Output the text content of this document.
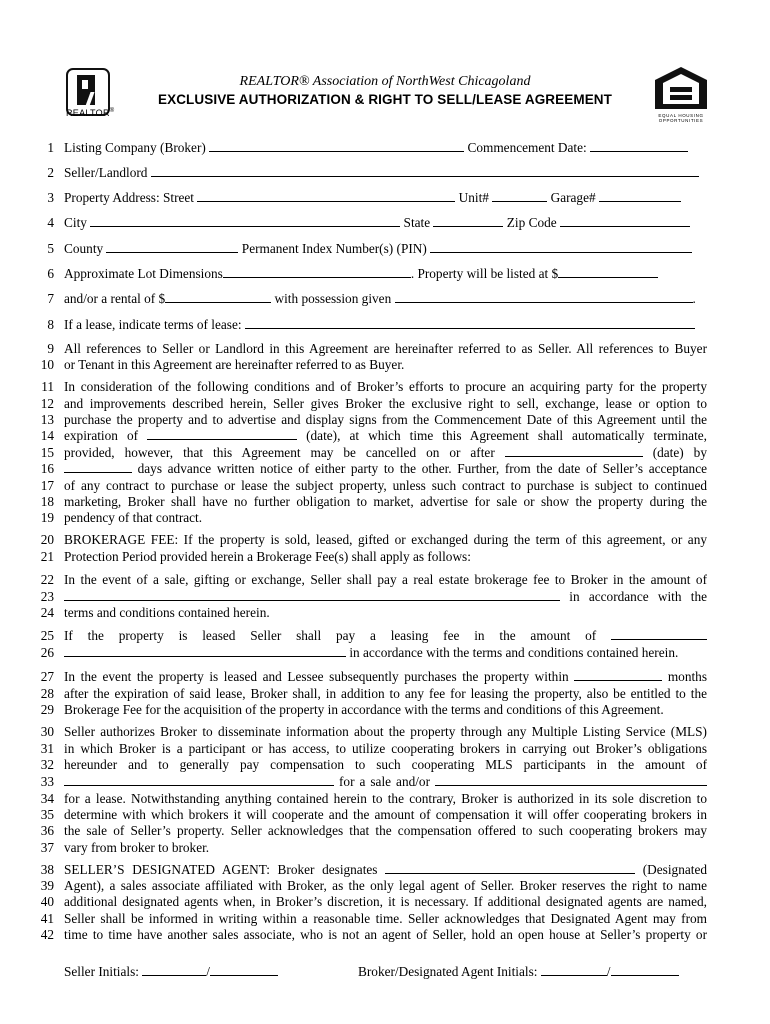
REALTOR®
EQUAL HOUSING OPPORTUNITIES
REALTOR® Association of NorthWest Chicagoland
EXCLUSIVE AUTHORIZATION & RIGHT TO SELL/LEASE AGREEMENT
1 Listing Company (Broker)	Commencement Date:
2 Seller/Landlord
3 Property Address: Street	Unit#	Garage#
4 City	State	Zip Code
5 County	Permanent Index Number(s) (PIN)
6 Approximate Lot Dimensions	. Property will be listed at $
7 and/or a rental of $	with possession given	.
8 If a lease, indicate terms of lease:
9 All references to Seller or Landlord in this Agreement are hereinafter referred to as Seller. All references to Buyer
10 or Tenant in this Agreement are hereinafter referred to as Buyer.
11 In consideration of the following conditions and of Broker’s efforts to procure an acquiring party for the property
12 and improvements described herein, Seller gives Broker the exclusive right to sell, exchange, lease or option to
13 purchase the property and to advertise and display signs from the Commencement Date of this Agreement until the
14 expiration of	(date), at which time this Agreement shall automatically terminate,
15 provided, however, that this Agreement may be cancelled on or after	(date) by
16	days advance written notice of either party to the other. Further, from the date of Seller’s acceptance
17 of any contract to purchase or lease the subject property, unless such contract to purchase is subject to continued
18 marketing, Broker shall have no further obligation to market, advertise for sale or show the property during the
19 pendency of that contract.
20 BROKERAGE FEE: If the property is sold, leased, gifted or exchanged during the term of this agreement, or any
21 Protection Period provided herein a Brokerage Fee(s) shall apply as follows:
22 In the event of a sale, gifting or exchange, Seller shall pay a real estate brokerage fee to Broker in the amount of
23	in accordance with the
24 terms and conditions contained herein.
25 If the property is leased Seller shall pay a leasing fee in the amount of
26	in accordance with the terms and conditions contained herein.
27 In the event the property is leased and Lessee subsequently purchases the property within	months
28 after the expiration of said lease, Broker shall, in addition to any fee for leasing the property, also be entitled to the
29 Brokerage Fee for the acquisition of the property in accordance with the terms and conditions of this Agreement.
30 Seller authorizes Broker to disseminate information about the property through any Multiple Listing Service (MLS)
31 in which Broker is a participant or has access, to utilize cooperating brokers in carrying out Broker’s obligations
32 hereunder and to generally pay compensation to such cooperating MLS participants in the amount of
33	for a sale and/or
34 for a lease. Notwithstanding anything contained herein to the contrary, Broker is authorized in its sole discretion to
35 determine with which brokers it will cooperate and the amount of compensation it will offer cooperating brokers in
36 the sale of Seller’s property. Seller acknowledges that the compensation offered to such cooperating brokers may
37 vary from broker to broker.
38 SELLER’S DESIGNATED AGENT: Broker designates	(Designated
39 Agent), a sales associate affiliated with Broker, as the only legal agent of Seller. Broker reserves the right to name
40 additional designated agents when, in Broker’s discretion, it is necessary. If additional designated agents are named,
41 Seller shall be informed in writing within a reasonable time. Seller acknowledges that Designated Agent may from
42 time to time have another sales associate, who is not an agent of Seller, hold an open house at Seller’s property or
Seller Initials:	/	Broker/Designated Agent Initials:	/
